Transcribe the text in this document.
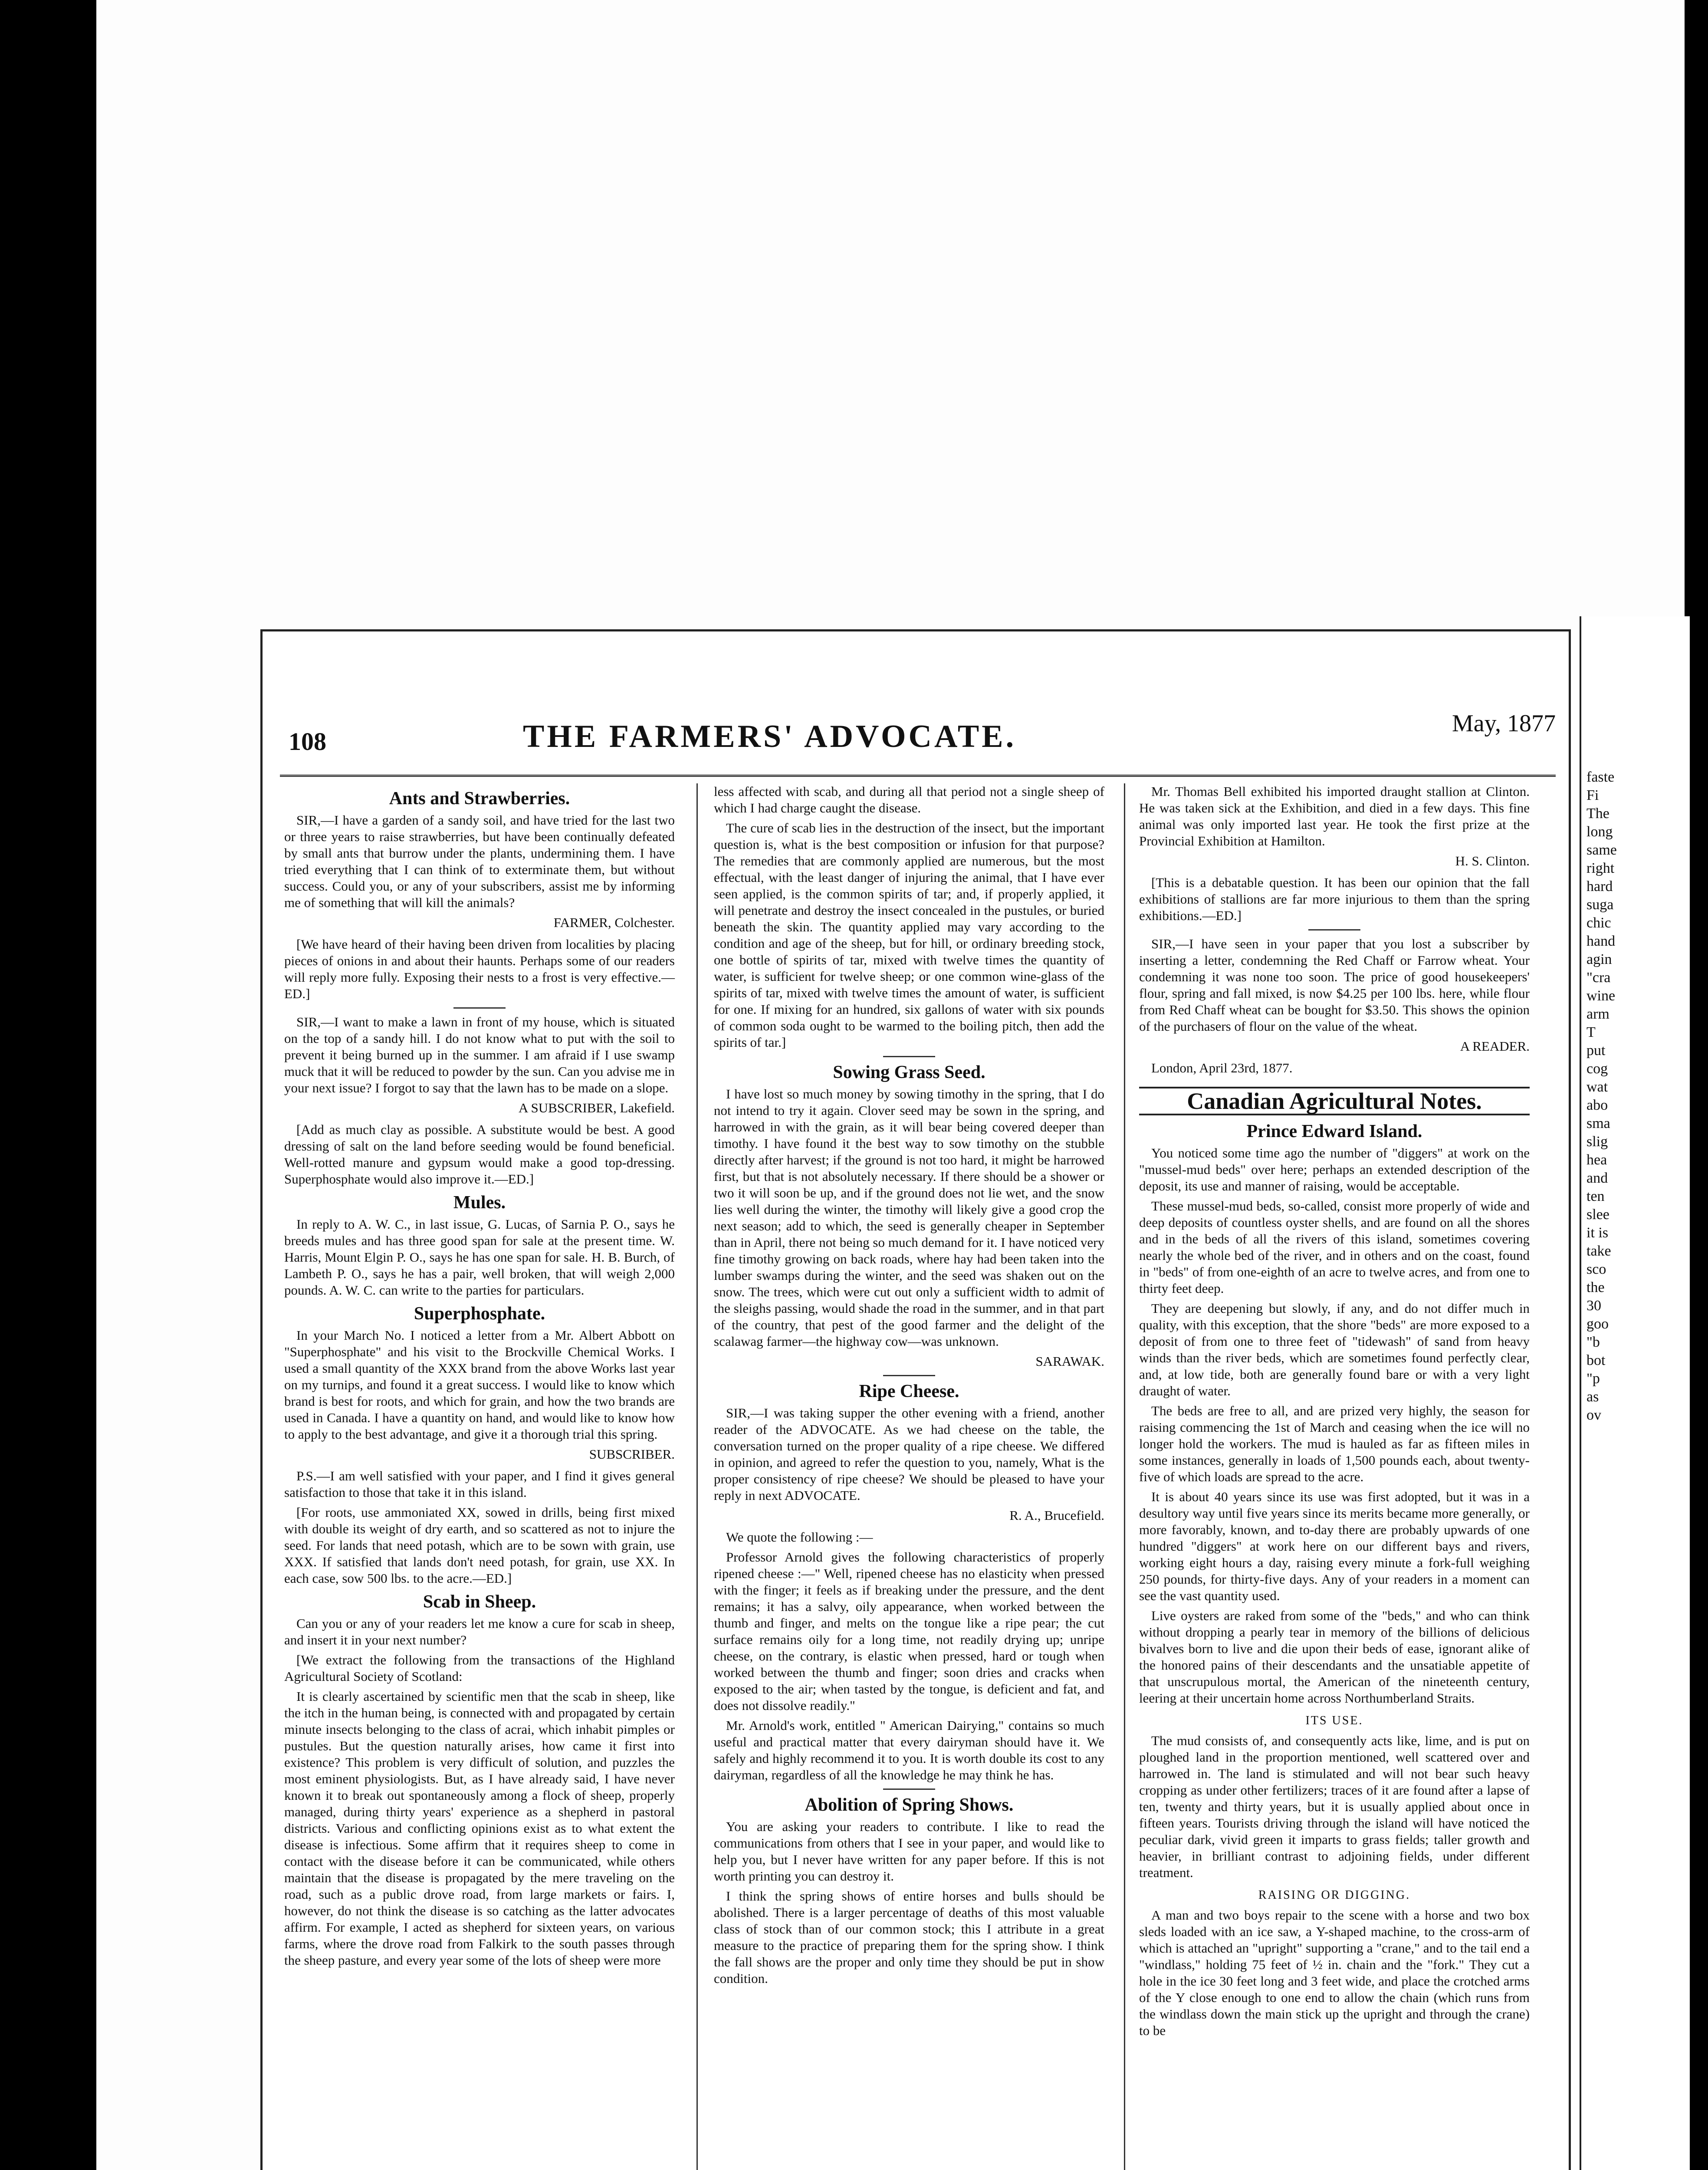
faste
Fi
The
long
same
right
hard
suga
chic
hand
agin
"cra
wine
arm
T
put
cog
wat
abo
sma
slig
hea
and
ten
slee
it is
take
sco
the
30
goo
"b
bot
"p
as
ov
108	THE FARMERS' ADVOCATE.	May, 1877
Ants and Strawberries.

SIR,—I have a garden of a sandy soil, and have tried for the last two or three years to raise strawberries, but have been continually defeated by small ants that burrow under the plants, undermining them. I have tried everything that I can think of to exterminate them, but without success. Could you, or any of your subscribers, assist me by informing me of something that will kill the animals?

FARMER, Colchester.

[We have heard of their having been driven from localities by placing pieces of onions in and about their haunts. Perhaps some of our readers will reply more fully. Exposing their nests to a frost is very effective.—ED.]

SIR,—I want to make a lawn in front of my house, which is situated on the top of a sandy hill. I do not know what to put with the soil to prevent it being burned up in the summer. I am afraid if I use swamp muck that it will be reduced to powder by the sun. Can you advise me in your next issue? I forgot to say that the lawn has to be made on a slope.

A SUBSCRIBER, Lakefield.

[Add as much clay as possible. A substitute would be best. A good dressing of salt on the land before seeding would be found beneficial. Well-rotted manure and gypsum would make a good top-dressing. Superphosphate would also improve it.—ED.]

Mules.

In reply to A. W. C., in last issue, G. Lucas, of Sarnia P. O., says he breeds mules and has three good span for sale at the present time. W. Harris, Mount Elgin P. O., says he has one span for sale. H. B. Burch, of Lambeth P. O., says he has a pair, well broken, that will weigh 2,000 pounds. A. W. C. can write to the parties for particulars.

Superphosphate.

In your March No. I noticed a letter from a Mr. Albert Abbott on "Superphosphate" and his visit to the Brockville Chemical Works. I used a small quantity of the XXX brand from the above Works last year on my turnips, and found it a great success. I would like to know which brand is best for roots, and which for grain, and how the two brands are used in Canada. I have a quantity on hand, and would like to know how to apply to the best advantage, and give it a thorough trial this spring.

SUBSCRIBER.

P.S.—I am well satisfied with your paper, and I find it gives general satisfaction to those that take it in this island.

[For roots, use ammoniated XX, sowed in drills, being first mixed with double its weight of dry earth, and so scattered as not to injure the seed. For lands that need potash, which are to be sown with grain, use XXX. If satisfied that lands don't need potash, for grain, use XX. In each case, sow 500 lbs. to the acre.—ED.]

Scab in Sheep.

Can you or any of your readers let me know a cure for scab in sheep, and insert it in your next number?

[We extract the following from the transactions of the Highland Agricultural Society of Scotland:

It is clearly ascertained by scientific men that the scab in sheep, like the itch in the human being, is connected with and propagated by certain minute insects belonging to the class of acrai, which inhabit pimples or pustules. But the question naturally arises, how came it first into existence? This problem is very difficult of solution, and puzzles the most eminent physiologists. But, as I have already said, I have never known it to break out spontaneously among a flock of sheep, properly managed, during thirty years' experience as a shepherd in pastoral districts. Various and conflicting opinions exist as to what extent the disease is infectious. Some affirm that it requires sheep to come in contact with the disease before it can be communicated, while others maintain that the disease is propagated by the mere traveling on the road, such as a public drove road, from large markets or fairs. I, however, do not think the disease is so catching as the latter advocates affirm. For example, I acted as shepherd for sixteen years, on various farms, where the drove road from Falkirk to the south passes through the sheep pasture, and every year some of the lots of sheep were more

less affected with scab, and during all that period not a single sheep of which I had charge caught the disease.

The cure of scab lies in the destruction of the insect, but the important question is, what is the best composition or infusion for that purpose? The remedies that are commonly applied are numerous, but the most effectual, with the least danger of injuring the animal, that I have ever seen applied, is the common spirits of tar; and, if properly applied, it will penetrate and destroy the insect concealed in the pustules, or buried beneath the skin. The quantity applied may vary according to the condition and age of the sheep, but for hill, or ordinary breeding stock, one bottle of spirits of tar, mixed with twelve times the quantity of water, is sufficient for twelve sheep; or one common wine-glass of the spirits of tar, mixed with twelve times the amount of water, is sufficient for one. If mixing for an hundred, six gallons of water with six pounds of common soda ought to be warmed to the boiling pitch, then add the spirits of tar.]

Sowing Grass Seed.

I have lost so much money by sowing timothy in the spring, that I do not intend to try it again. Clover seed may be sown in the spring, and harrowed in with the grain, as it will bear being covered deeper than timothy. I have found it the best way to sow timothy on the stubble directly after harvest; if the ground is not too hard, it might be harrowed first, but that is not absolutely necessary. If there should be a shower or two it will soon be up, and if the ground does not lie wet, and the snow lies well during the winter, the timothy will likely give a good crop the next season; add to which, the seed is generally cheaper in September than in April, there not being so much demand for it. I have noticed very fine timothy growing on back roads, where hay had been taken into the lumber swamps during the winter, and the seed was shaken out on the snow. The trees, which were cut out only a sufficient width to admit of the sleighs passing, would shade the road in the summer, and in that part of the country, that pest of the good farmer and the delight of the scalawag farmer—the highway cow—was unknown.

SARAWAK.
Ripe Cheese.

SIR,—I was taking supper the other evening with a friend, another reader of the ADVOCATE. As we had cheese on the table, the conversation turned on the proper quality of a ripe cheese. We differed in opinion, and agreed to refer the question to you, namely, What is the proper consistency of ripe cheese? We should be pleased to have your reply in next ADVOCATE.

R. A., Brucefield.

We quote the following :—

Professor Arnold gives the following characteristics of properly ripened cheese :—" Well, ripened cheese has no elasticity when pressed with the finger; it feels as if breaking under the pressure, and the dent remains; it has a salvy, oily appearance, when worked between the thumb and finger, and melts on the tongue like a ripe pear; the cut surface remains oily for a long time, not readily drying up; unripe cheese, on the contrary, is elastic when pressed, hard or tough when worked between the thumb and finger; soon dries and cracks when exposed to the air; when tasted by the tongue, is deficient and fat, and does not dissolve readily."

Mr. Arnold's work, entitled " American Dairying," contains so much useful and practical matter that every dairyman should have it. We safely and highly recommend it to you. It is worth double its cost to any dairyman, regardless of all the knowledge he may think he has.

Abolition of Spring Shows.

You are asking your readers to contribute. I like to read the communications from others that I see in your paper, and would like to help you, but I never have written for any paper before. If this is not worth printing you can destroy it.

I think the spring shows of entire horses and bulls should be abolished. There is a larger percentage of deaths of this most valuable class of stock than of our common stock; this I attribute in a great measure to the practice of preparing them for the spring show. I think the fall shows are the proper and only time they should be put in show condition.

Mr. Thomas Bell exhibited his imported draught stallion at Clinton. He was taken sick at the Exhibition, and died in a few days. This fine animal was only imported last year. He took the first prize at the Provincial Exhibition at Hamilton.

H. S. Clinton.

[This is a debatable question. It has been our opinion that the fall exhibitions of stallions are far more injurious to them than the spring exhibitions.—ED.]

SIR,—I have seen in your paper that you lost a subscriber by inserting a letter, condemning the Red Chaff or Farrow wheat. Your condemning it was none too soon. The price of good housekeepers' flour, spring and fall mixed, is now $4.25 per 100 lbs. here, while flour from Red Chaff wheat can be bought for $3.50. This shows the opinion of the purchasers of flour on the value of the wheat.

A READER.

London, April 23rd, 1877.

Canadian Agricultural Notes.
Prince Edward Island.

You noticed some time ago the number of "diggers" at work on the "mussel-mud beds" over here; perhaps an extended description of the deposit, its use and manner of raising, would be acceptable.

These mussel-mud beds, so-called, consist more properly of wide and deep deposits of countless oyster shells, and are found on all the shores and in the beds of all the rivers of this island, sometimes covering nearly the whole bed of the river, and in others and on the coast, found in "beds" of from one-eighth of an acre to twelve acres, and from one to thirty feet deep.

They are deepening but slowly, if any, and do not differ much in quality, with this exception, that the shore "beds" are more exposed to a deposit of from one to three feet of "tidewash" of sand from heavy winds than the river beds, which are sometimes found perfectly clear, and, at low tide, both are generally found bare or with a very light draught of water.

The beds are free to all, and are prized very highly, the season for raising commencing the 1st of March and ceasing when the ice will no longer hold the workers. The mud is hauled as far as fifteen miles in some instances, generally in loads of 1,500 pounds each, about twenty-five of which loads are spread to the acre.

It is about 40 years since its use was first adopted, but it was in a desultory way until five years since its merits became more generally, or more favorably, known, and to-day there are probably upwards of one hundred "diggers" at work here on our different bays and rivers, working eight hours a day, raising every minute a fork-full weighing 250 pounds, for thirty-five days. Any of your readers in a moment can see the vast quantity used.

Live oysters are raked from some of the "beds," and who can think without dropping a pearly tear in memory of the billions of delicious bivalves born to live and die upon their beds of ease, ignorant alike of the honored pains of their descendants and the unsatiable appetite of that unscrupulous mortal, the American of the nineteenth century, leering at their uncertain home across Northumberland Straits.

ITS USE.

The mud consists of, and consequently acts like, lime, and is put on ploughed land in the proportion mentioned, well scattered over and harrowed in. The land is stimulated and will not bear such heavy cropping as under other fertilizers; traces of it are found after a lapse of ten, twenty and thirty years, but it is usually applied about once in fifteen years. Tourists driving through the island will have noticed the peculiar dark, vivid green it imparts to grass fields; taller growth and heavier, in brilliant contrast to adjoining fields, under different treatment.

RAISING OR DIGGING.

A man and two boys repair to the scene with a horse and two box sleds loaded with an ice saw, a Y-shaped machine, to the cross-arm of which is attached an "upright" supporting a "crane," and to the tail end a "windlass," holding 75 feet of ½ in. chain and the "fork." They cut a hole in the ice 30 feet long and 3 feet wide, and place the crotched arms of the Y close enough to one end to allow the chain (which runs from the windlass down the main stick up the upright and through the crane) to be
